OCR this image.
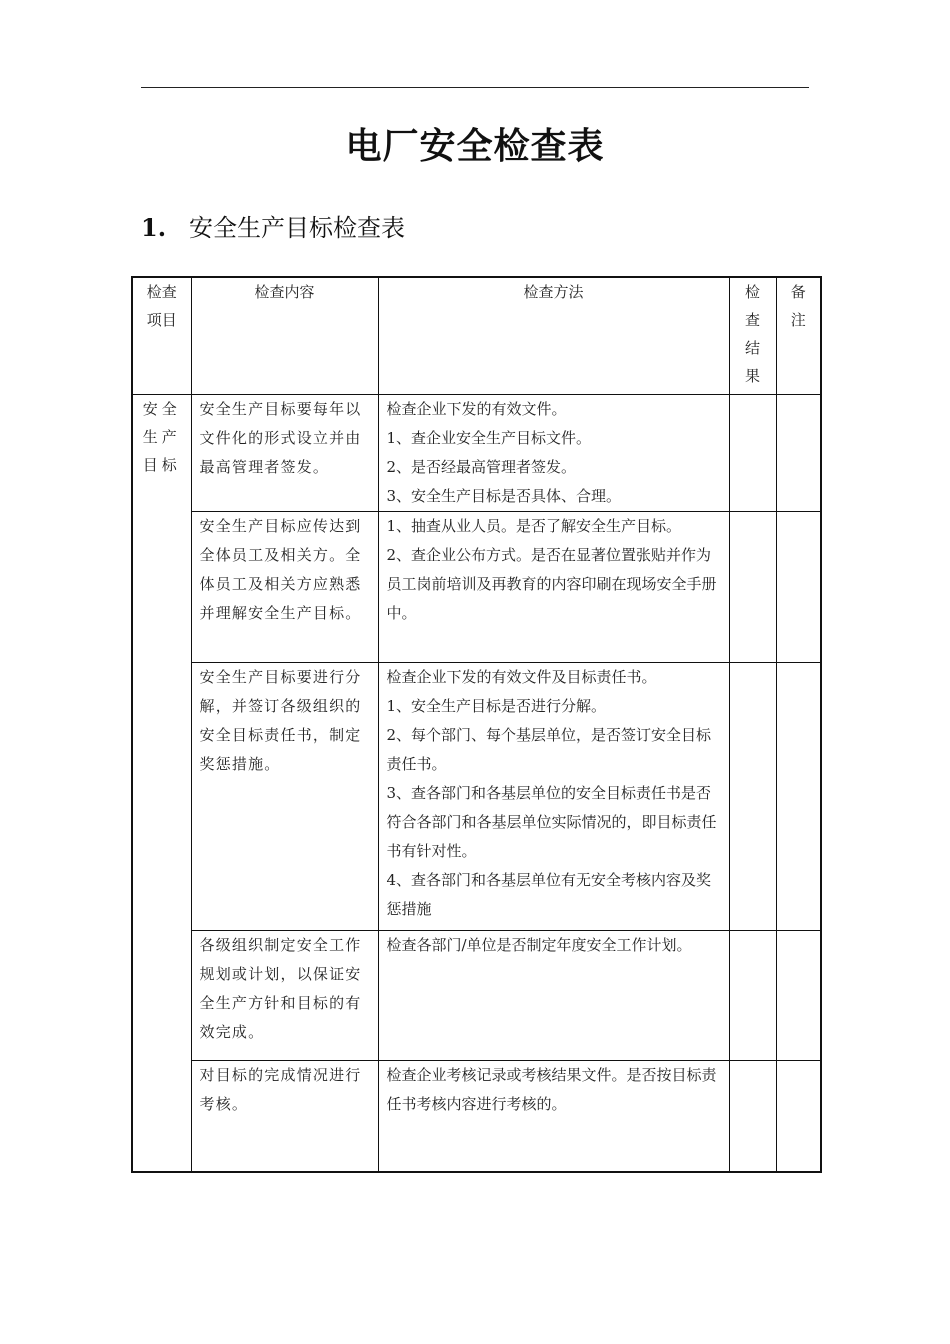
电厂安全检查表
1. 安全生产目标检查表
检查项目	检查内容	检查方法	检查结果	备注
安全生产目标	安全生产目标要每年以文件化的形式设立并由最高管理者签发。	检查企业下发的有效文件。
1、查企业安全生产目标文件。
2、是否经最高管理者签发。
3、安全生产目标是否具体、合理。		

	安全生产目标应传达到全体员工及相关方。全体员工及相关方应熟悉并理解安全生产目标。	1、抽查从业人员。是否了解安全生产目标。
2、查企业公布方式。是否在显著位置张贴并作为员工岗前培训及再教育的内容印刷在现场安全手册中。		

	安全生产目标要进行分解，并签订各级组织的安全目标责任书，制定奖惩措施。	检查企业下发的有效文件及目标责任书。
1、安全生产目标是否进行分解。
2、每个部门、每个基层单位，是否签订安全目标责任书。
3、查各部门和各基层单位的安全目标责任书是否符合各部门和各基层单位实际情况的，即目标责任书有针对性。
4、查各部门和各基层单位有无安全考核内容及奖惩措施		

	各级组织制定安全工作规划或计划，以保证安全生产方针和目标的有效完成。	检查各部门/单位是否制定年度安全工作计划。		

	对目标的完成情况进行考核。	检查企业考核记录或考核结果文件。是否按目标责任书考核内容进行考核的。		
